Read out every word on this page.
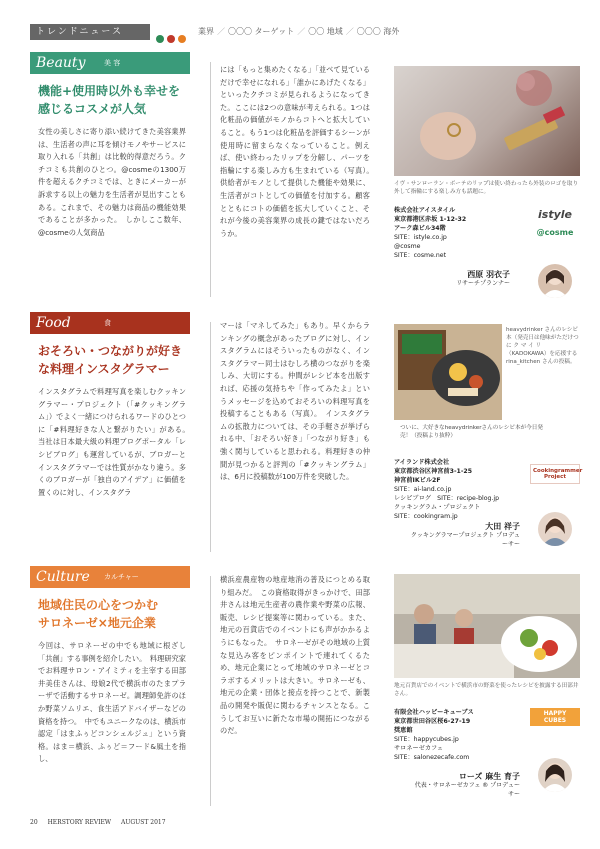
トレンドニュース	業界 ／ 〇〇〇 ターゲット ／ 〇〇 地域 ／ 〇〇〇 海外
Beauty	美 容
機能+使用時以外も幸せを
感じるコスメが人気
女性の美しさに寄り添い続けてきた美容業界は、生活者の声に耳を傾けモノやサービスに取り入れる「共創」は比較的得意だろう。クチコミも共創のひとつ。@cosmeの1300万件を超えるクチコミでは、ときにメーカーが訴求する以上の魅力を生活者が見出すこともある。これまで、その魅力は商品の機能効果であることが多かった。　しかしここ数年、@cosmeの人気商品
には「もっと集めたくなる」「並べて見ているだけで幸せになれる」「誰かにあげたくなる」といったクチコミが見られるようになってきた。ここには2つの意味が考えられる。1つは化粧品の価値がモノからコトへと拡大していること。もう1つは化粧品を評価するシーンが使用時に留まらなくなっていること。例えば、使い終わったリップを分解し、パーツを指輪にする楽しみ方も生まれている（写真）。　供給者がモノとして提供した機能や効果に、生活者がコトとしての価値を付加する。顧客とともにコトの価値を拡大していくこと、それが今後の美容業界の成長の鍵ではないだろうか。
イヴ・サンローラン・ボーテのリップは使い終わったら外装のロゴを取り外して指輪にする楽しみ方も話題に。
株式会社アイスタイル
東京都港区赤坂 1-12-32
アーク森ビル34階
SITE：istyle.co.jp
@cosme
SITE：cosme.net
istyle
@cosme
西原 羽衣子
リサーチプランナー
Food	食
おそろい・つながりが好き
な料理インスタグラマー
インスタグラムで料理写真を楽しむクッキングラマー・プロジェクト（「#クッキングラム」）でよく一緒につけられるワードのひとつに「#料理好きな人と繋がりたい」がある。　当社は日本最大級の料理ブログポータル「レシピブログ」も運営しているが、ブロガーとインスタグラマーでは性質がかなり違う。多くのブロガーが「独自のアイデア」に価値を置くのに対し、インスタグラ
マーは「マネしてみた」もあり。早くからランキングの概念があったブログに対し、インスタグラムにはそういったものがなく、インスタグラマー同士はむしろ横のつながりを楽しみ、大切にする。仲間がレシピ本を出版すれば、応援の気持ちや「作ってみたよ」というメッセージを込めておそろいの料理写真を投稿することもある（写真）。　インスタグラムの拡散力については、その手軽さが挙げられる中、「おそろい好き」「つながり好き」も強く関与していると思われる。料理好きの仲間が見つかると評判の「#クッキングラム」は、6月に投稿数が100万件を突破した。
heavydrinker さんのレシピ本（発売日は他味がただけつ に ク マ イ リ（KADOKAWA）を応援する rina_kitchen さんの投稿。
ついに、大好きなheavydrinkerさんのレシピ本が今日発売！（投稿より抜粋）
アイランド株式会社
東京都渋谷区神宮前3-1-25
神宮前IKビル2F
SITE：ai-land.co.jp
レシピブログ　SITE：recipe-blog.jp
クッキングラム・プロジェクト
SITE：cookingram.jp
Cookingrammer Project
大田 祥子
クッキングラマープロジェクト プロデューサー
Culture カルチャー
地域住民の心をつかむ
サロネーゼ×地元企業
今回は、サロネーゼの中でも地域に根ざし「共創」する事例を紹介したい。　料理研究家でお料理サロン・アイミティを主宰する田部井美佳さんは、母娘2代で横浜市のたまプラーザで活動するサロネーゼ。調理師免許のほか野菜ソムリエ、食生活アドバイザーなどの資格を持つ。　中でもユニークなのは、横浜市認定「はまふぅどコンシェルジュ」という資格。はま＝横浜、ふぅど＝フード&風土を指し、
横浜産農産物の地産地消の普及につとめる取り組みだ。　この資格取得がきっかけで、田部井さんは地元生産者の農作業や野菜の広報、販売、レシピ提案等に関わっている。また、地元の百貨店でのイベントにも声がかかるようにもなった。　サロネーゼがその地域の上質な見込み客をピンポイントで連れてくるため、地元企業にとって地域のサロネーゼとコラボするメリットは大きい。サロネーゼも、地元の企業・団体と接点を持つことで、新製品の開発や販促に関わるチャンスとなる。こうしてお互いに新たな市場の開拓につながるのだ。
地元百貨店でのイベントで横浜市の野菜を使ったレシピを披露する田部井さん。
有限会社ハッピーキューブス
東京都世田谷区桜6-27-19
奨恵館
SITE：happycubes.jp
サロネーゼカフェ
SITE：salonezecafe.com
HAPPY CUBES
ローズ 麻生 育子
代表・サロネーゼカフェ ® プロデューサー
20 HERSTORY REVIEW AUGUST 2017
